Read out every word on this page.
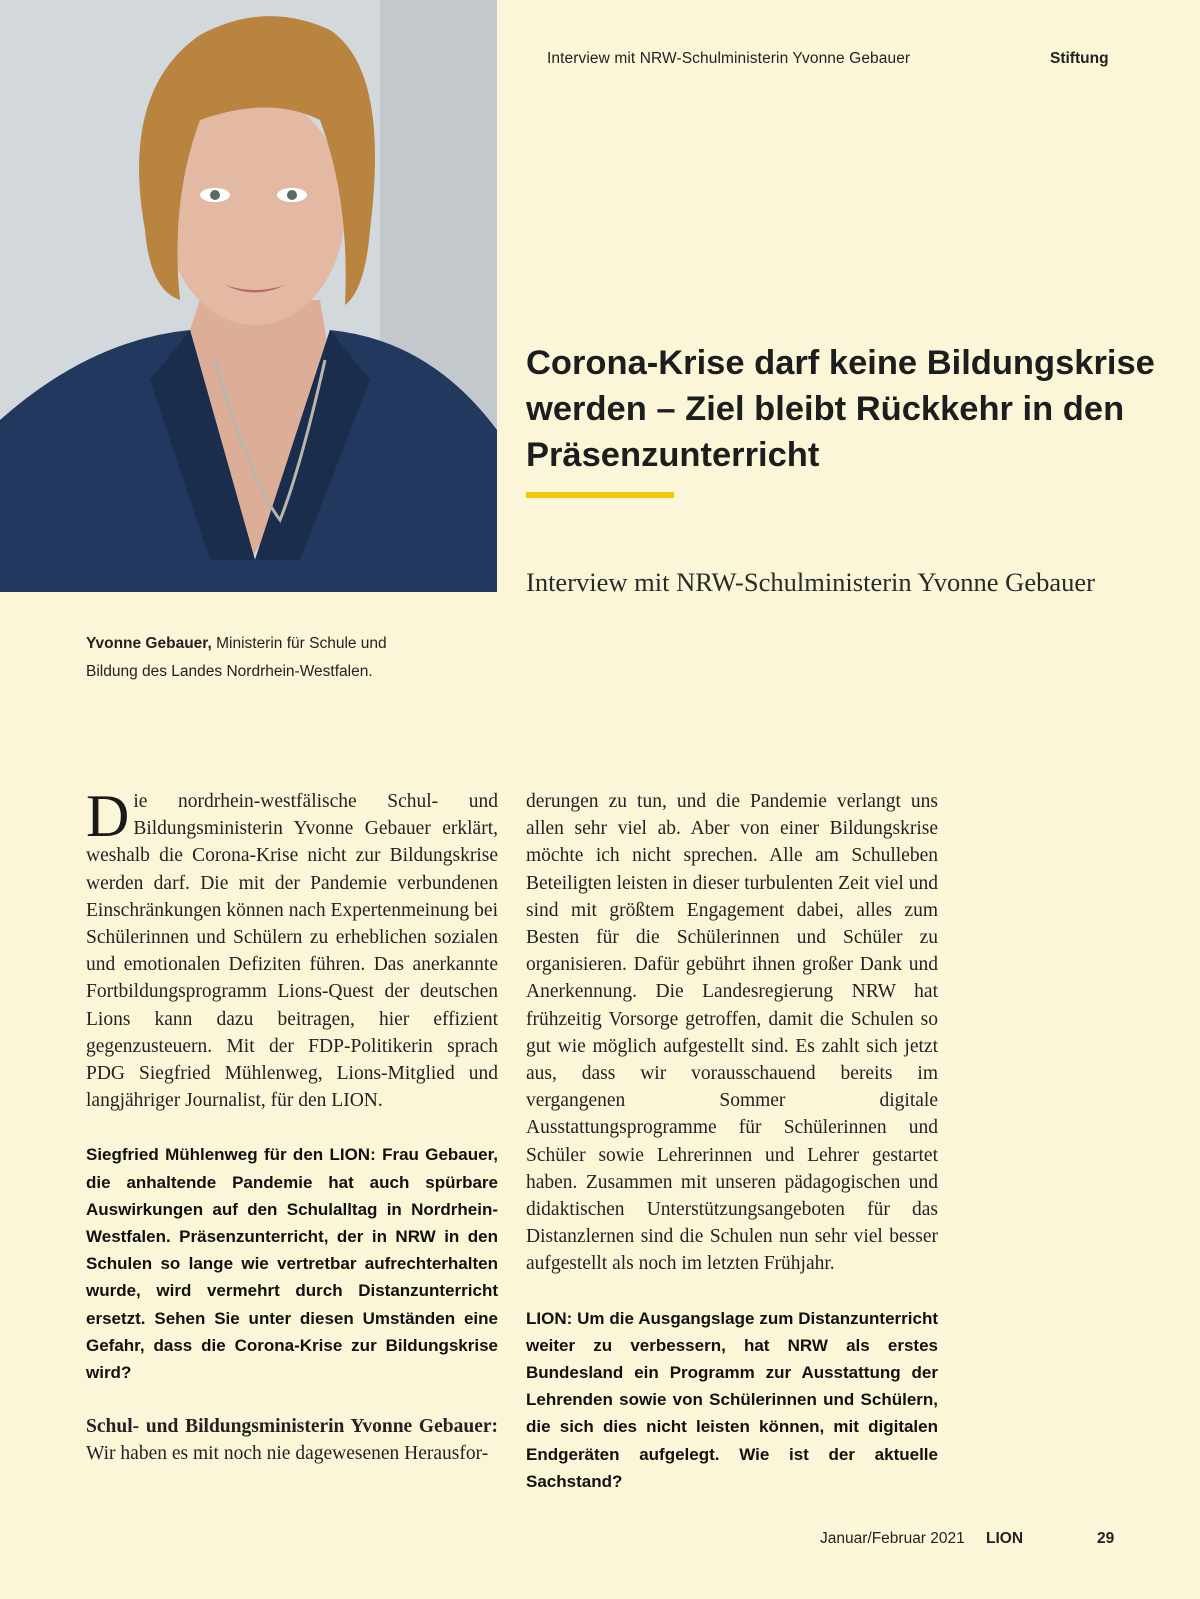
Interview mit NRW-Schulministerin Yvonne Gebauer	Stiftung
Corona-Krise darf keine Bildungskrise werden – Ziel bleibt Rückkehr in den Präsenzunterricht
Interview mit NRW-Schulministerin Yvonne Gebauer
Yvonne Gebauer, Ministerin für Schule und Bildung des Landes Nordrhein-Westfalen.

Die nordrhein-westfälische Schul- und Bildungsministerin Yvonne Gebauer erklärt, weshalb die Corona-Krise nicht zur Bildungskrise werden darf. Die mit der Pandemie verbundenen Einschränkungen können nach Expertenmeinung bei Schülerinnen und Schülern zu erheblichen sozialen und emotionalen Defiziten führen. Das anerkannte Fortbildungsprogramm Lions-Quest der deutschen Lions kann dazu beitragen, hier effizient gegenzusteuern. Mit der FDP-Politikerin sprach PDG Siegfried Mühlenweg, Lions-Mitglied und langjähriger Journalist, für den LION.

Siegfried Mühlenweg für den LION: Frau Gebauer, die anhaltende Pandemie hat auch spürbare Auswirkungen auf den Schulalltag in Nordrhein-Westfalen. Präsenzunterricht, der in NRW in den Schulen so lange wie vertretbar aufrechterhalten wurde, wird vermehrt durch Distanzunterricht ersetzt. Sehen Sie unter diesen Umständen eine Gefahr, dass die Corona-Krise zur Bildungskrise wird?

Schul- und Bildungsministerin Yvonne Gebauer: Wir haben es mit noch nie dagewesenen Herausfor-

derungen zu tun, und die Pandemie verlangt uns allen sehr viel ab. Aber von einer Bildungskrise möchte ich nicht sprechen. Alle am Schulleben Beteiligten leisten in dieser turbulenten Zeit viel und sind mit größtem Engagement dabei, alles zum Besten für die Schülerinnen und Schüler zu organisieren. Dafür gebührt ihnen großer Dank und Anerkennung. Die Landesregierung NRW hat frühzeitig Vorsorge getroffen, damit die Schulen so gut wie möglich aufgestellt sind. Es zahlt sich jetzt aus, dass wir vorausschauend bereits im vergangenen Sommer digitale Ausstattungsprogramme für Schülerinnen und Schüler sowie Lehrerinnen und Lehrer gestartet haben. Zusammen mit unseren pädagogischen und didaktischen Unterstützungsangeboten für das Distanzlernen sind die Schulen nun sehr viel besser aufgestellt als noch im letzten Frühjahr.

LION: Um die Ausgangslage zum Distanzunterricht weiter zu verbessern, hat NRW als erstes Bundesland ein Programm zur Ausstattung der Lehrenden sowie von Schülerinnen und Schülern, die sich dies nicht leisten können, mit digitalen Endgeräten aufgelegt. Wie ist der aktuelle Sachstand?

Januar/Februar 2021 LION	29
